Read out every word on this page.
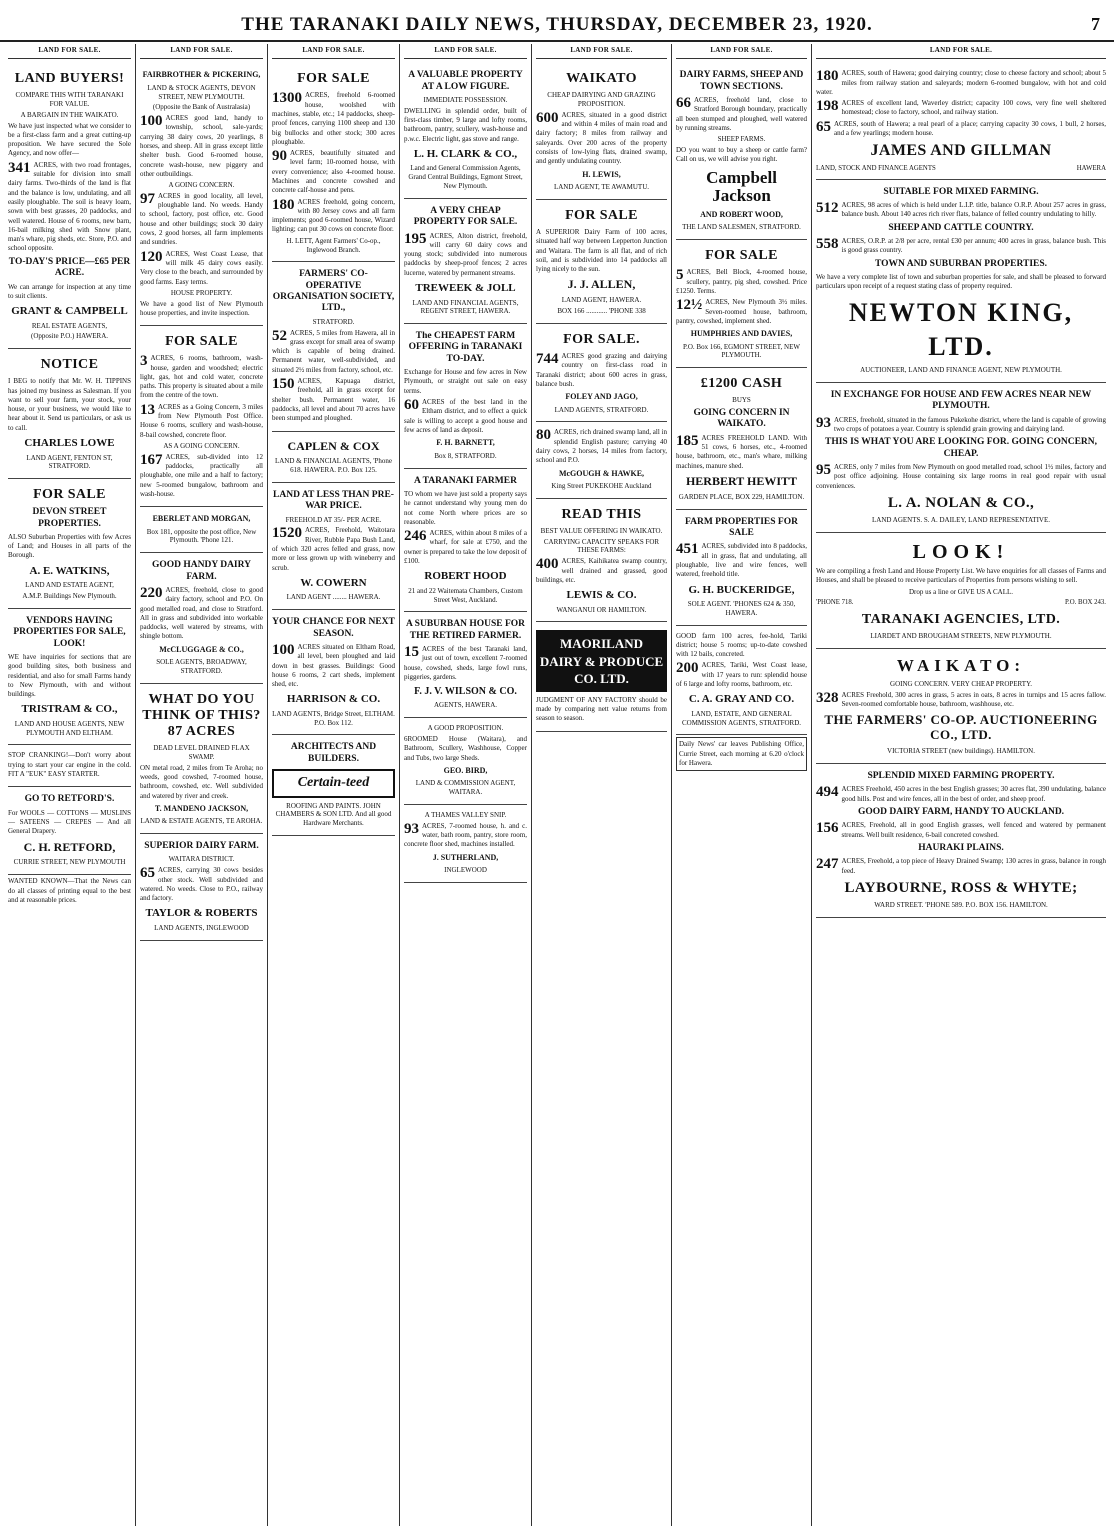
THE TARANAKI DAILY NEWS, THURSDAY, DECEMBER 23, 1920.	7
LAND FOR SALE.
LAND BUYERS!
COMPARE THIS WITH TARANAKI FOR VALUE.
A BARGAIN IN THE WAIKATO.
We have just inspected what we consider to be a first-class farm and a great cutting-up proposition. We have secured the Sole Agency, and now offer—
341 ACRES, with two road frontages, suitable for division into small dairy farms. Two-thirds of the land is flat and the balance is low, undulating, and all easily ploughable. The soil is heavy loam, sown with best grasses, 20 paddocks, and well watered. House of 6 rooms, new barn, 16-bail milking shed with Snow plant, man's whare, pig sheds, etc. Store, P.O. and school opposite.
TO-DAY'S PRICE—£65 PER ACRE.
We can arrange for inspection at any time to suit clients.
GRANT & CAMPBELL
REAL ESTATE AGENTS,
(Opposite P.O.) HAWERA.
NOTICE
I BEG to notify that Mr. W. H. TIPPINS has joined my business as Salesman. If you want to sell your farm, your stock, your house, or your business, we would like to hear about it. Send us particulars, or ask us to call.
CHARLES LOWE
LAND AGENT, FENTON ST, STRATFORD.
FOR SALE
DEVON STREET PROPERTIES.
ALSO Suburban Properties with few Acres of Land; and Houses in all parts of the Borough.
A. E. WATKINS,
LAND AND ESTATE AGENT,
A.M.P. Buildings New Plymouth.
VENDORS HAVING PROPERTIES FOR SALE, LOOK!
WE have inquiries for sections that are good building sites, both business and residential, and also for small Farms handy to New Plymouth, with and without buildings.
TRISTRAM & CO.,
LAND AND HOUSE AGENTS, NEW PLYMOUTH AND ELTHAM.
STOP CRANKING!—Don't worry about trying to start your car engine in the cold. FIT A "EUK" EASY STARTER.
GO TO RETFORD'S.
For WOOLS — COTTONS — MUSLINS — SATEENS — CREPES — And all General Drapery.
C. H. RETFORD,
CURRIE STREET, NEW PLYMOUTH
WANTED KNOWN—That the News can do all classes of printing equal to the best and at reasonable prices.
LAND FOR SALE.
FAIRBROTHER & PICKERING,
LAND & STOCK AGENTS, DEVON STREET, NEW PLYMOUTH.
(Opposite the Bank of Australasia)
100 ACRES good land, handy to township, school, sale-yards; carrying 38 dairy cows, 20 yearlings, 8 horses, and sheep. All in grass except little shelter bush. Good 6-roomed house, concrete wash-house, new piggery and other outbuildings.
A GOING CONCERN.
97 ACRES in good locality, all level, ploughable land. No weeds. Handy to school, factory, post office, etc. Good house and other buildings; stock 30 dairy cows, 2 good horses, all farm implements and sundries.
120 ACRES, West Coast Lease, that will milk 45 dairy cows easily. Very close to the beach, and surrounded by good farms. Easy terms.
HOUSE PROPERTY.
We have a good list of New Plymouth house properties, and invite inspection.
FOR SALE
3 ACRES, 6 rooms, bathroom, wash-house, garden and woodshed; electric light, gas, hot and cold water, concrete paths. This property is situated about a mile from the centre of the town.
13 ACRES as a Going Concern, 3 miles from New Plymouth Post Office. House 6 rooms, scullery and wash-house, 8-bail cowshed, concrete floor.
AS A GOING CONCERN.
167 ACRES, sub-divided into 12 paddocks, practically all ploughable, one mile and a half to factory; new 5-roomed bungalow, bathroom and wash-house.
EBERLET AND MORGAN,
Box 181, opposite the post office, New Plymouth. 'Phone 121.
GOOD HANDY DAIRY FARM.
220 ACRES, freehold, close to good dairy factory, school and P.O. On good metalled road, and close to Stratford. All in grass and subdivided into workable paddocks, well watered by streams, with shingle bottom.
McCLUGGAGE & CO.,
SOLE AGENTS, BROADWAY, STRATFORD.
WHAT DO YOU THINK OF THIS? 87 ACRES
DEAD LEVEL DRAINED FLAX SWAMP.
ON metal road, 2 miles from Te Aroha; no weeds, good cowshed, 7-roomed house, bathroom, cowshed, etc. Well subdivided and watered by river and creek.
T. MANDENO JACKSON,
LAND & ESTATE AGENTS, TE AROHA.
SUPERIOR DAIRY FARM.
WAITARA DISTRICT.
65 ACRES, carrying 30 cows besides other stock. Well subdivided and watered. No weeds. Close to P.O., railway and factory.
TAYLOR & ROBERTS
LAND AGENTS, INGLEWOOD
LAND FOR SALE.
FOR SALE
1300 ACRES, freehold 6-roomed house, woolshed with machines, stable, etc.; 14 paddocks, sheep-proof fences, carrying 1100 sheep and 130 big bullocks and other stock; 300 acres ploughable.
90 ACRES, beautifully situated and level farm; 10-roomed house, with every convenience; also 4-roomed house. Machines and concrete cowshed and concrete calf-house and pens.
180 ACRES freehold, going concern, with 80 Jersey cows and all farm implements; good 6-roomed house, Wizard lighting; can put 30 cows on concrete floor.
H. LETT, Agent Farmers' Co-op., Inglewood Branch.
FARMERS' CO-OPERATIVE ORGANISATION SOCIETY, LTD.,
STRATFORD.
52 ACRES, 5 miles from Hawera, all in grass except for small area of swamp which is capable of being drained. Permanent water, well-subdivided, and situated 2½ miles from factory, school, etc.
150 ACRES, Kapuaga district, freehold, all in grass except for shelter bush. Permanent water, 16 paddocks, all level and about 70 acres have been stumped and ploughed.
CAPLEN & COX
LAND & FINANCIAL AGENTS, 'Phone 618. HAWERA. P.O. Box 125.
LAND AT LESS THAN PRE-WAR PRICE.
FREEHOLD AT 35/- PER ACRE.
1520 ACRES, Freehold, Waitotara River, Rubble Papa Bush Land, of which 320 acres felled and grass, now more or less grown up with wineberry and scrub.
W. COWERN
LAND AGENT ........ HAWERA.
YOUR CHANCE FOR NEXT SEASON.
100 ACRES situated on Eltham Road, all level, been ploughed and laid down in best grasses. Buildings: Good house 6 rooms, 2 cart sheds, implement shed, etc.
HARRISON & CO.
LAND AGENTS, Bridge Street, ELTHAM. P.O. Box 112.
ARCHITECTS AND BUILDERS.
Certain-teed
ROOFING AND PAINTS. JOHN CHAMBERS & SON LTD. And all good Hardware Merchants.
LAND FOR SALE.
A VALUABLE PROPERTY AT A LOW FIGURE.
IMMEDIATE POSSESSION.
DWELLING in splendid order, built of first-class timber, 9 large and lofty rooms, bathroom, pantry, scullery, wash-house and p.w.c. Electric light, gas stove and range.
L. H. CLARK & CO.,
Land and General Commission Agents, Grand Central Buildings, Egmont Street, New Plymouth.
A VERY CHEAP PROPERTY FOR SALE.
195 ACRES, Alton district, freehold, will carry 60 dairy cows and young stock; subdivided into numerous paddocks by sheep-proof fences; 2 acres lucerne, watered by permanent streams.
TREWEEK & JOLL
LAND AND FINANCIAL AGENTS, REGENT STREET, HAWERA.
The CHEAPEST FARM OFFERING in TARANAKI TO-DAY.
Exchange for House and few acres in New Plymouth, or straight out sale on easy terms.
60 ACRES of the best land in the Eltham district, and to effect a quick sale is willing to accept a good house and few acres of land as deposit.
F. H. BARNETT,
Box 8, STRATFORD.
A TARANAKI FARMER
TO whom we have just sold a property says he cannot understand why young men do not come North where prices are so reasonable.
246 ACRES, within about 8 miles of a wharf, for sale at £750, and the owner is prepared to take the low deposit of £100.
ROBERT HOOD
21 and 22 Waitemata Chambers, Custom Street West, Auckland.
A SUBURBAN HOUSE FOR THE RETIRED FARMER.
15 ACRES of the best Taranaki land, just out of town, excellent 7-roomed house, cowshed, sheds, large fowl runs, piggeries, gardens.
F. J. V. WILSON & CO.
AGENTS, HAWERA.
A GOOD PROPOSITION.
6ROOMED House (Waitara), and Bathroom, Scullery, Washhouse, Copper and Tubs, two large Sheds.
GEO. BIRD,
LAND & COMMISSION AGENT, WAITARA.
A THAMES VALLEY SNIP.
93 ACRES, 7-roomed house, h. and c. water, bath room, pantry, store room, concrete floor shed, machines installed.
J. SUTHERLAND,
INGLEWOOD
LAND FOR SALE.
WAIKATO
CHEAP DAIRYING AND GRAZING PROPOSITION.
600 ACRES, situated in a good district and within 4 miles of main road and dairy factory; 8 miles from railway and saleyards. Over 200 acres of the property consists of low-lying flats, drained swamp, and gently undulating country.
H. LEWIS,
LAND AGENT, TE AWAMUTU.
FOR SALE
A SUPERIOR Dairy Farm of 100 acres, situated half way between Lepperton Junction and Waitara. The farm is all flat, and of rich soil, and is subdivided into 14 paddocks all lying nicely to the sun.
J. J. ALLEN,
LAND AGENT, HAWERA.
BOX 166 ............ 'PHONE 338
FOR SALE.
744 ACRES good grazing and dairying country on first-class road in Taranaki district; about 600 acres in grass, balance bush.
FOLEY AND JAGO,
LAND AGENTS, STRATFORD.
80 ACRES, rich drained swamp land, all in splendid English pasture; carrying 40 dairy cows, 2 horses, 14 miles from factory, school and P.O.
McGOUGH & HAWKE,
King Street PUKEKOHE Auckland
READ THIS
BEST VALUE OFFERING IN WAIKATO.
CARRYING CAPACITY SPEAKS FOR THESE FARMS:
400 ACRES, Kaihikatea swamp country, well drained and grassed, good buildings, etc.
LEWIS & CO.
WANGANUI OR HAMILTON.
MAORILAND DAIRY & PRODUCE CO. LTD.
JUDGMENT OF ANY FACTORY should be made by comparing nett value returns from season to season.
LAND FOR SALE.
DAIRY FARMS, SHEEP AND TOWN SECTIONS.
66 ACRES, freehold land, close to Stratford Borough boundary, practically all been stumped and ploughed, well watered by running streams.
SHEEP FARMS.
DO you want to buy a sheep or cattle farm? Call on us, we will advise you right.
Campbell Jackson
AND ROBERT WOOD,
THE LAND SALESMEN, STRATFORD.
FOR SALE
5 ACRES, Bell Block, 4-roomed house, scullery, pantry, pig shed, cowshed. Price £1250. Terms.
12½ ACRES, New Plymouth 3½ miles. Seven-roomed house, bathroom, pantry, cowshed, implement shed.
HUMPHRIES AND DAVIES,
P.O. Box 166, EGMONT STREET, NEW PLYMOUTH.
£1200 CASH
BUYS
GOING CONCERN IN WAIKATO.
185 ACRES FREEHOLD LAND. With 51 cows, 6 horses, etc., 4-roomed house, bathroom, etc., man's whare, milking machines, manure shed.
HERBERT HEWITT
GARDEN PLACE, BOX 229, HAMILTON.
FARM PROPERTIES FOR SALE
451 ACRES, subdivided into 8 paddocks, all in grass, flat and undulating, all ploughable, live and wire fences, well watered, freehold title.
G. H. BUCKERIDGE,
SOLE AGENT. 'PHONES 624 & 350, HAWERA.
GOOD farm 100 acres, fee-hold, Tariki district; house 5 rooms; up-to-date cowshed with 12 bails, concreted.
200 ACRES, Tariki, West Coast lease, with 17 years to run: splendid house of 6 large and lofty rooms, bathroom, etc.
C. A. GRAY AND CO.
LAND, ESTATE, AND GENERAL COMMISSION AGENTS, STRATFORD.
Daily News' car leaves Publishing Office, Currie Street, each morning at 6.20 o'clock for Hawera.
LAND FOR SALE.
180 ACRES, south of Hawera; good dairying country; close to cheese factory and school; about 5 miles from railway station and saleyards; modern 6-roomed bungalow, with hot and cold water.
198 ACRES of excellent land, Waverley district; capacity 100 cows, very fine well sheltered homestead; close to factory, school, and railway station.
65 ACRES, south of Hawera; a real pearl of a place; carrying capacity 30 cows, 1 bull, 2 horses, and a few yearlings; modern house.
JAMES AND GILLMAN
LAND, STOCK AND FINANCE AGENTS	HAWERA
SUITABLE FOR MIXED FARMING.
512 ACRES, 98 acres of which is held under L.I.P. title, balance O.R.P. About 257 acres in grass, balance bush. About 140 acres rich river flats, balance of felled country undulating to hilly.
SHEEP AND CATTLE COUNTRY.
558 ACRES, O.R.P. at 2/8 per acre, rental £30 per annum; 400 acres in grass, balance bush. This is good grass country.
TOWN AND SUBURBAN PROPERTIES.
We have a very complete list of town and suburban properties for sale, and shall be pleased to forward particulars upon receipt of a request stating class of property required.
NEWTON KING, LTD.
AUCTIONEER, LAND AND FINANCE AGENT, NEW PLYMOUTH.
IN EXCHANGE FOR HOUSE AND FEW ACRES NEAR NEW PLYMOUTH.
93 ACRES, freehold, situated in the famous Pukekohe district, where the land is capable of growing two crops of potatoes a year. Country is splendid grain growing and dairying land.
THIS IS WHAT YOU ARE LOOKING FOR. GOING CONCERN, CHEAP.
95 ACRES, only 7 miles from New Plymouth on good metalled road, school 1½ miles, factory and post office adjoining. House containing six large rooms in real good repair with usual conveniences.
L. A. NOLAN & CO.,
LAND AGENTS. S. A. DAILEY, LAND REPRESENTATIVE.
LOOK!
We are compiling a fresh Land and House Property List. We have enquiries for all classes of Farms and Houses, and shall be pleased to receive particulars of Properties from persons wishing to sell.
Drop us a line or GIVE US A CALL.
'PHONE 718.	P.O. BOX 243.
TARANAKI AGENCIES, LTD.
LIARDET AND BROUGHAM STREETS, NEW PLYMOUTH.
WAIKATO:
GOING CONCERN. VERY CHEAP PROPERTY.
328 ACRES Freehold, 300 acres in grass, 5 acres in oats, 8 acres in turnips and 15 acres fallow. Seven-roomed comfortable house, bathroom, washhouse, etc.
THE FARMERS' CO-OP. AUCTIONEERING CO., LTD.
VICTORIA STREET (new buildings). HAMILTON.
SPLENDID MIXED FARMING PROPERTY.
494 ACRES Freehold, 450 acres in the best English grasses; 30 acres flat, 390 undulating, balance good hills. Post and wire fences, all in the best of order, and sheep proof.
GOOD DAIRY FARM, HANDY TO AUCKLAND.
156 ACRES, Freehold, all in good English grasses, well fenced and watered by permanent streams. Well built residence, 6-bail concreted cowshed.
HAURAKI PLAINS.
247 ACRES, Freehold, a top piece of Heavy Drained Swamp; 130 acres in grass, balance in rough feed.
LAYBOURNE, ROSS & WHYTE;
WARD STREET. 'PHONE 589. P.O. BOX 156. HAMILTON.
